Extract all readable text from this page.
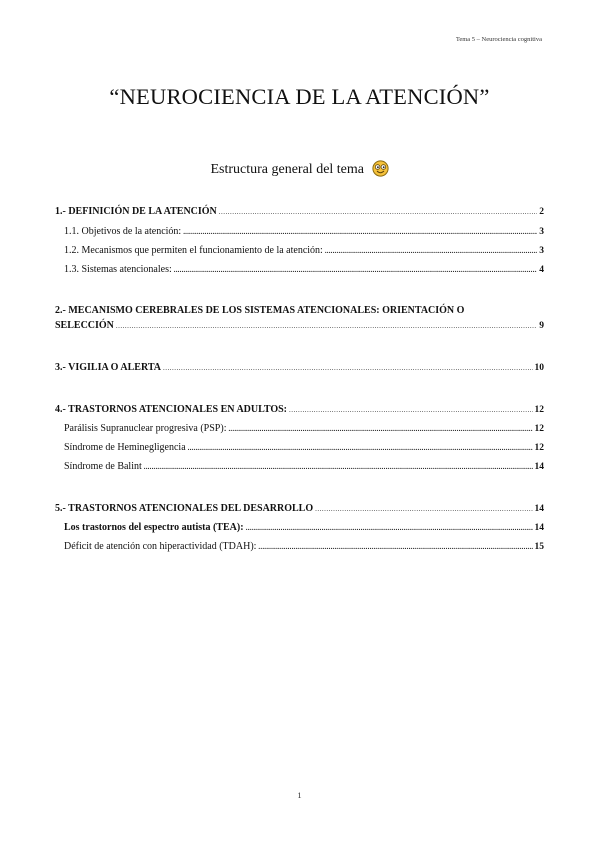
Tema 5 – Neurociencia cognitiva
“NEUROCIENCIA DE LA ATENCIÓN”
Estructura general del tema
1.- DEFINICIÓN DE LA ATENCIÓN .....	2
1.1. Objetivos de la atención: .....	3
1.2. Mecanismos que permiten el funcionamiento de la atención: .....	3
1.3. Sistemas atencionales: .....	4
2.- MECANISMO CEREBRALES DE LOS SISTEMAS ATENCIONALES: ORIENTACIÓN O
SELECCIÓN .....	9
3.- VIGILIA O ALERTA .....	10
4.- TRASTORNOS ATENCIONALES EN ADULTOS: .....	12
Parálisis Supranuclear progresiva (PSP): .....	12
Síndrome de Heminegligencia .....	12
Síndrome de Balint .....	14
5.- TRASTORNOS ATENCIONALES DEL DESARROLLO .....	14
Los trastornos del espectro autista (TEA): .....	14
Déficit de atención con hiperactividad (TDAH): .....	15
1
